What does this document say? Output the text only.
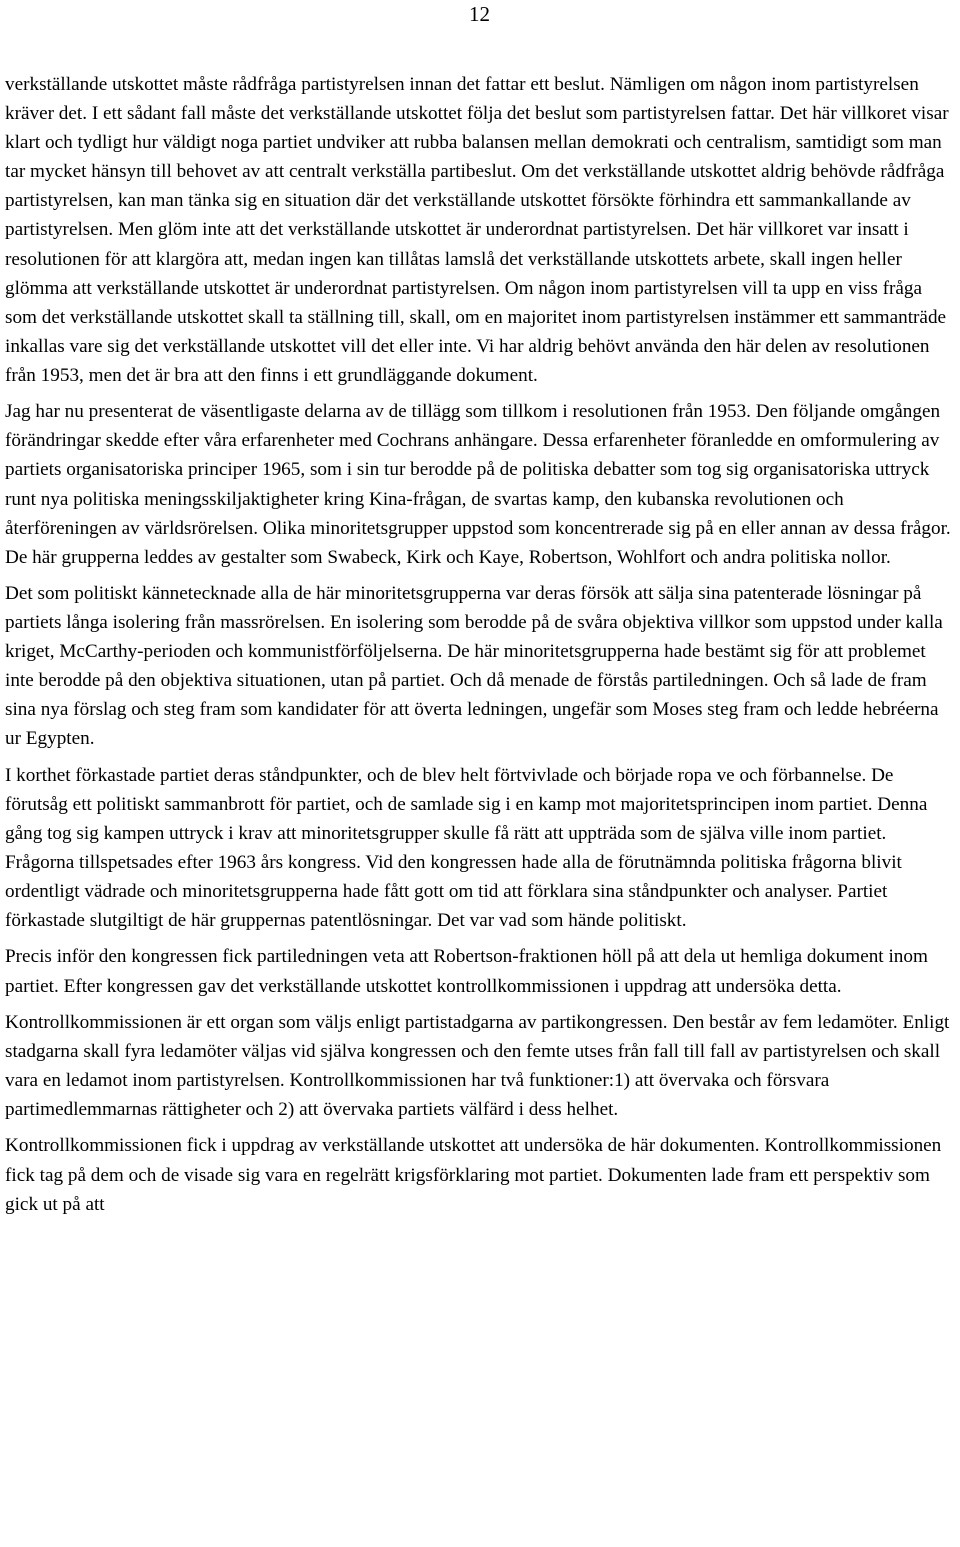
12

verkställande utskottet måste rådfråga partistyrelsen innan det fattar ett beslut. Nämligen om någon inom partistyrelsen kräver det. I ett sådant fall måste det verkställande utskottet följa det beslut som partistyrelsen fattar. Det här villkoret visar klart och tydligt hur väldigt noga partiet undviker att rubba balansen mellan demokrati och centralism, samtidigt som man tar mycket hänsyn till behovet av att centralt verkställa partibeslut. Om det verkställande utskottet aldrig behövde rådfråga partistyrelsen, kan man tänka sig en situation där det verkställande utskottet försökte förhindra ett sammankallande av partistyrelsen. Men glöm inte att det verkställande utskottet är underordnat partistyrelsen. Det här villkoret var insatt i resolutionen för att klargöra att, medan ingen kan tillåtas lamslå det verkställande utskottets arbete, skall ingen heller glömma att verkställande utskottet är underordnat partistyrelsen. Om någon inom partistyrelsen vill ta upp en viss fråga som det verkställande utskottet skall ta ställning till, skall, om en majoritet inom partistyrelsen instämmer ett sammanträde inkallas vare sig det verkställande utskottet vill det eller inte. Vi har aldrig behövt använda den här delen av resolutionen från 1953, men det är bra att den finns i ett grundläggande dokument.

Jag har nu presenterat de väsentligaste delarna av de tillägg som tillkom i resolutionen från 1953. Den följande omgången förändringar skedde efter våra erfarenheter med Cochrans anhängare. Dessa erfarenheter föranledde en omformulering av partiets organisatoriska principer 1965, som i sin tur berodde på de politiska debatter som tog sig organisatoriska uttryck runt nya politiska meningsskiljaktigheter kring Kina-frågan, de svartas kamp, den kubanska revolutionen och återföreningen av världsrörelsen. Olika minoritetsgrupper uppstod som koncentrerade sig på en eller annan av dessa frågor. De här grupperna leddes av gestalter som Swabeck, Kirk och Kaye, Robertson, Wohlfort och andra politiska nollor.

Det som politiskt kännetecknade alla de här minoritetsgrupperna var deras försök att sälja sina patenterade lösningar på partiets långa isolering från massrörelsen. En isolering som berodde på de svåra objektiva villkor som uppstod under kalla kriget, McCarthy-perioden och kommunistförföljelserna. De här minoritetsgrupperna hade bestämt sig för att problemet inte berodde på den objektiva situationen, utan på partiet. Och då menade de förstås partiledningen. Och så lade de fram sina nya förslag och steg fram som kandidater för att överta ledningen, ungefär som Moses steg fram och ledde hebréerna ur Egypten.

I korthet förkastade partiet deras ståndpunkter, och de blev helt förtvivlade och började ropa ve och förbannelse. De förutsåg ett politiskt sammanbrott för partiet, och de samlade sig i en kamp mot majoritetsprincipen inom partiet. Denna gång tog sig kampen uttryck i krav att minoritetsgrupper skulle få rätt att uppträda som de själva ville inom partiet. Frågorna tillspetsades efter 1963 års kongress. Vid den kongressen hade alla de förutnämnda politiska frågorna blivit ordentligt vädrade och minoritetsgrupperna hade fått gott om tid att förklara sina ståndpunkter och analyser. Partiet förkastade slutgiltigt de här gruppernas patentlösningar. Det var vad som hände politiskt.

Precis inför den kongressen fick partiledningen veta att Robertson-fraktionen höll på att dela ut hemliga dokument inom partiet. Efter kongressen gav det verkställande utskottet kontrollkommissionen i uppdrag att undersöka detta.

Kontrollkommissionen är ett organ som väljs enligt partistadgarna av partikongressen. Den består av fem ledamöter. Enligt stadgarna skall fyra ledamöter väljas vid själva kongressen och den femte utses från fall till fall av partistyrelsen och skall vara en ledamot inom partistyrelsen. Kontrollkommissionen har två funktioner:1) att övervaka och försvara partimedlemmarnas rättigheter och 2) att övervaka partiets välfärd i dess helhet.

Kontrollkommissionen fick i uppdrag av verkställande utskottet att undersöka de här dokumenten. Kontrollkommissionen fick tag på dem och de visade sig vara en regelrätt krigsförklaring mot partiet. Dokumenten lade fram ett perspektiv som gick ut på att
